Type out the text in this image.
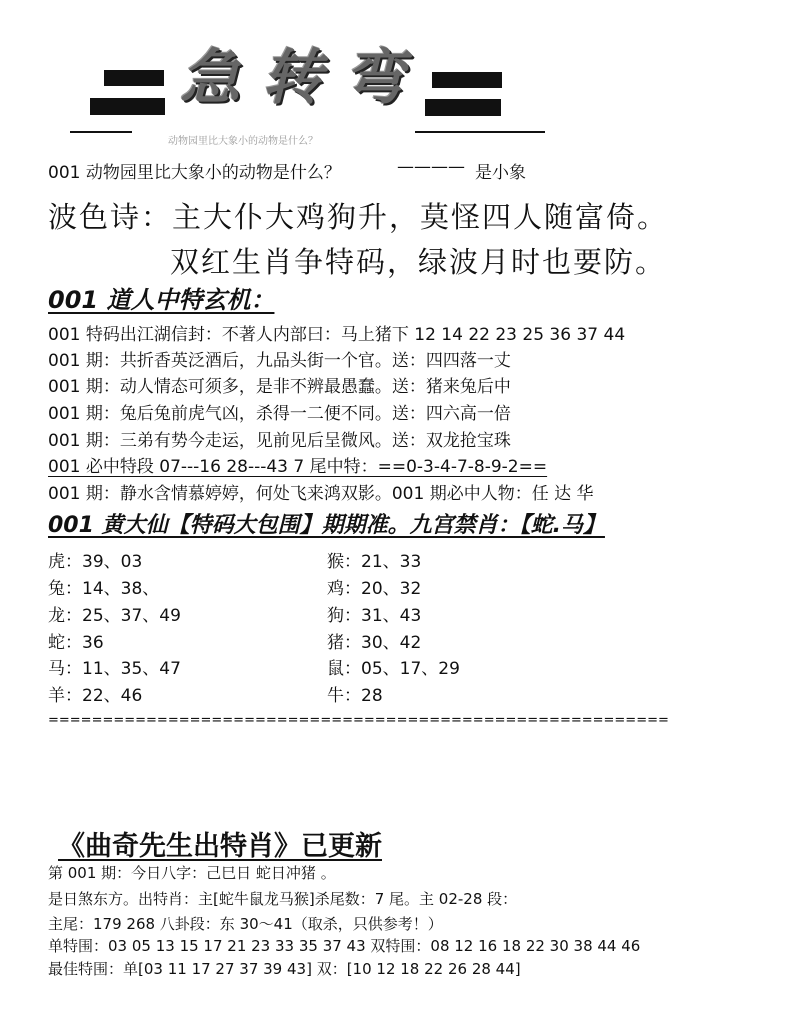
急转弯
动物园里比大象小的动物是什么？
001 动物园里比大象小的动物是什么？	———— 是小象
波色诗：主大仆大鸡狗升，莫怪四人随富倚。
双红生肖争特码，绿波月时也要防。
001 道人中特玄机：
001 特码出江湖信封：不著人内部曰：马上猪下 12 14 22 23 25 36 37 44
001 期：共折香英泛酒后，九品头街一个官。送：四四落一丈
001 期：动人情态可须多，是非不辨最愚蠢。送：猪来兔后中
001 期：兔后兔前虎气凶，杀得一二便不同。送：四六高一倍
001 期：三弟有势今走运，见前见后呈微风。送：双龙抢宝珠
001 必中特段 07---16 28---43 7 尾中特：==0-3-4-7-8-9-2==
001 期：静水含情慕婷婷，何处飞来鸿双影。001 期必中人物：任 达 华
001 黄大仙【特码大包围】期期准。九宫禁肖：【蛇.马】
虎：39、03
兔：14、38、
龙：25、37、49
蛇：36
马：11、35、47
羊：22、46
猴：21、33
鸡：20、32
狗：31、43
猪：30、42
鼠：05、17、29
牛：28
=========================================================
《曲奇先生出特肖》已更新
第 001 期：今日八字：己巳日 蛇日冲猪 。
是日煞东方。出特肖：主[蛇牛鼠龙马猴]杀尾数：7 尾。主 02-28 段：
主尾：179 268 八卦段：东 30～41（取杀，只供参考！）
单特围：03 05 13 15 17 21 23 33 35 37 43 双特围：08 12 16 18 22 30 38 44 46
最佳特围：单[03 11 17 27 37 39 43] 双：[10 12 18 22 26 28 44]
